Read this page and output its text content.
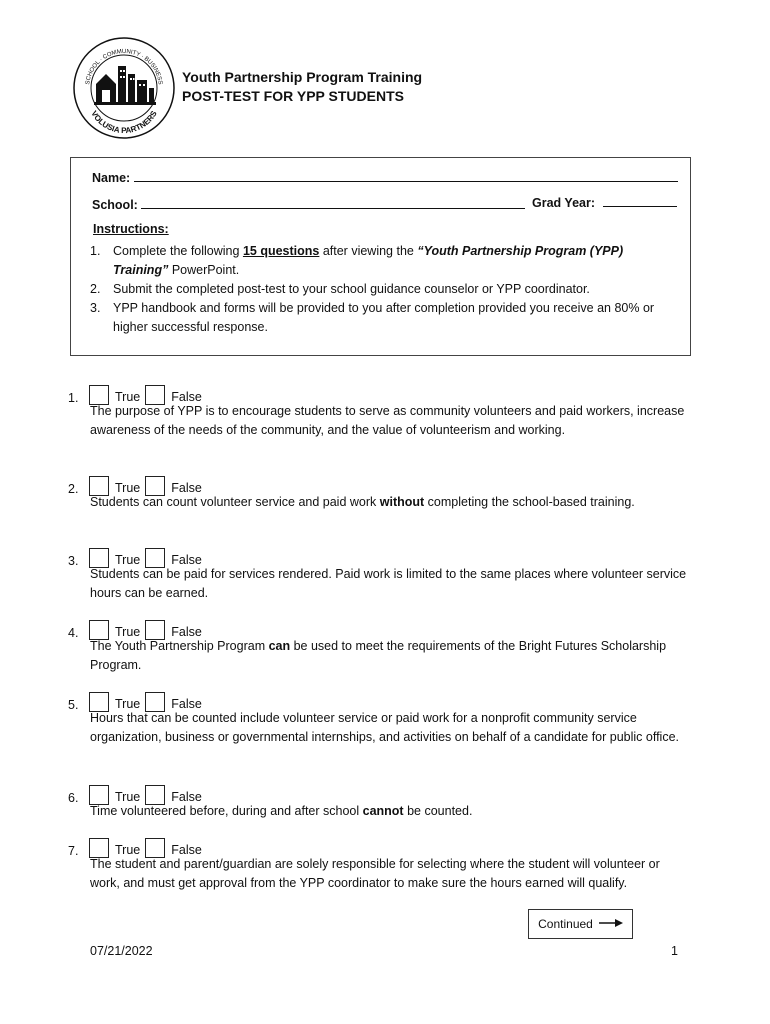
SCHOOL · COMMUNITY · BUSINESS
VOLUSIA PARTNERS
Youth Partnership Program Training
POST-TEST FOR YPP STUDENTS
Name:
School:	Grad Year:
Instructions:
1. Complete the following 15 questions after viewing the “Youth Partnership Program (YPP) Training” PowerPoint.
2. Submit the completed post-test to your school guidance counselor or YPP coordinator.
3. YPP handbook and forms will be provided to you after completion provided you receive an 80% or higher successful response.
1.	True False
The purpose of YPP is to encourage students to serve as community volunteers and paid workers, increase awareness of the needs of the community, and the value of volunteerism and working.
2.	True False
Students can count volunteer service and paid work without completing the school-based training.
3.	True False
Students can be paid for services rendered. Paid work is limited to the same places where volunteer service hours can be earned.
4.	True False
The Youth Partnership Program can be used to meet the requirements of the Bright Futures Scholarship Program.
5.	True False
Hours that can be counted include volunteer service or paid work for a nonprofit community service organization, business or governmental internships, and activities on behalf of a candidate for public office.
6.	True False
Time volunteered before, during and after school cannot be counted.
7.	True False
The student and parent/guardian are solely responsible for selecting where the student will volunteer or work, and must get approval from the YPP coordinator to make sure the hours earned will qualify.
Continued
07/21/2022	1
